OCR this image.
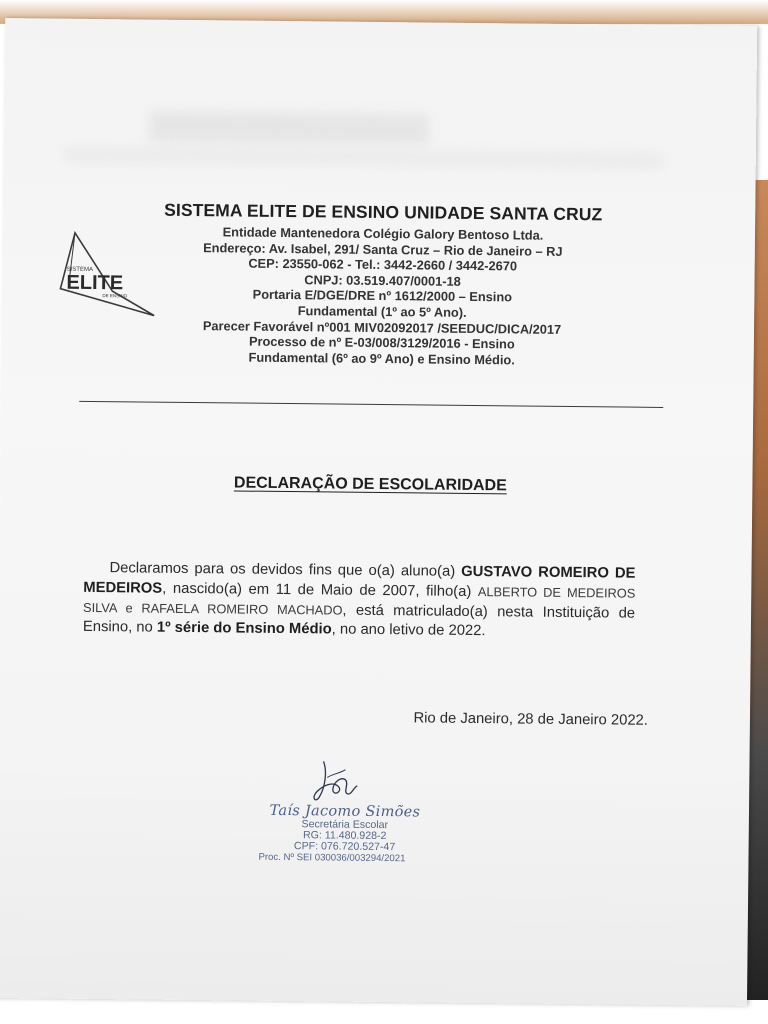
SISTEMA
ELITE
DE ENSINO
SISTEMA ELITE DE ENSINO UNIDADE SANTA CRUZ
Entidade Mantenedora Colégio Galory Bentoso Ltda.
Endereço: Av. Isabel, 291/ Santa Cruz – Rio de Janeiro – RJ
CEP: 23550-062 - Tel.: 3442-2660 / 3442-2670
CNPJ: 03.519.407/0001-18
Portaria E/DGE/DRE nº 1612/2000 – Ensino
Fundamental (1º ao 5º Ano).
Parecer Favorável nº001 MIV02092017 /SEEDUC/DICA/2017
Processo de nº E-03/008/3129/2016 - Ensino
Fundamental (6º ao 9º Ano) e Ensino Médio.
DECLARAÇÃO DE ESCOLARIDADE
Declaramos para os devidos fins que o(a) aluno(a) GUSTAVO ROMEIRO DE MEDEIROS, nascido(a) em 11 de Maio de 2007, filho(a) ALBERTO DE MEDEIROS SILVA e RAFAELA ROMEIRO MACHADO, está matriculado(a) nesta Instituição de Ensino, no 1º série do Ensino Médio, no ano letivo de 2022.
Rio de Janeiro, 28 de Janeiro 2022.
Taís Jacomo Simões
Secretária Escolar
RG: 11.480.928-2
CPF: 076.720.527-47
Proc. Nº SEI 030036/003294/2021
